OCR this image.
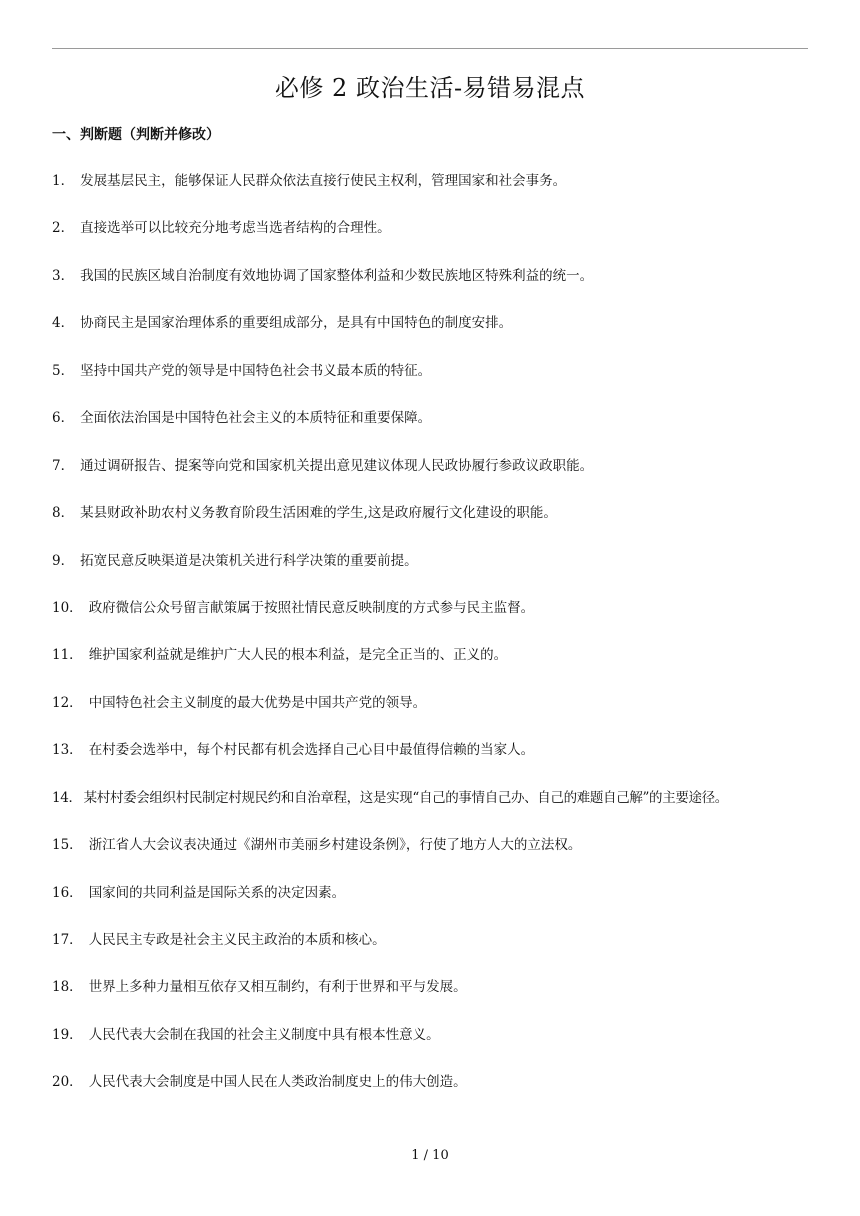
必修 2 政治生活-易错易混点
一、判断题（判断并修改）
1． 发展基层民主，能够保证人民群众依法直接行使民主权利，管理国家和社会事务。
2． 直接选举可以比较充分地考虑当选者结构的合理性。
3． 我国的民族区域自治制度有效地协调了国家整体利益和少数民族地区特殊利益的统一。
4． 协商民主是国家治理体系的重要组成部分，是具有中国特色的制度安排。
5． 坚持中国共产党的领导是中国特色社会书义最本质的特征。
6． 全面依法治国是中国特色社会主义的本质特征和重要保障。
7． 通过调研报告、提案等向党和国家机关提出意见建议体现人民政协履行参政议政职能。
8． 某县财政补助农村义务教育阶段生活困难的学生,这是政府履行文化建设的职能。
9． 拓宽民意反映渠道是决策机关进行科学决策的重要前提。
10． 政府微信公众号留言献策属于按照社情民意反映制度的方式参与民主监督。
11． 维护国家利益就是维护广大人民的根本利益，是完全正当的、正义的。
12． 中国特色社会主义制度的最大优势是中国共产党的领导。
13． 在村委会选举中，每个村民都有机会选择自己心目中最值得信赖的当家人。
14． 某村村委会组织村民制定村规民约和自治章程，这是实现“自己的事情自己办、自己的难题自己解”的主要途径。
15． 浙江省人大会议表决通过《湖州市美丽乡村建设条例》，行使了地方人大的立法权。
16． 国家间的共同利益是国际关系的决定因素。
17． 人民民主专政是社会主义民主政治的本质和核心。
18． 世界上多种力量相互依存又相互制约，有利于世界和平与发展。
19． 人民代表大会制在我国的社会主义制度中具有根本性意义。
20． 人民代表大会制度是中国人民在人类政治制度史上的伟大创造。
1 / 10
